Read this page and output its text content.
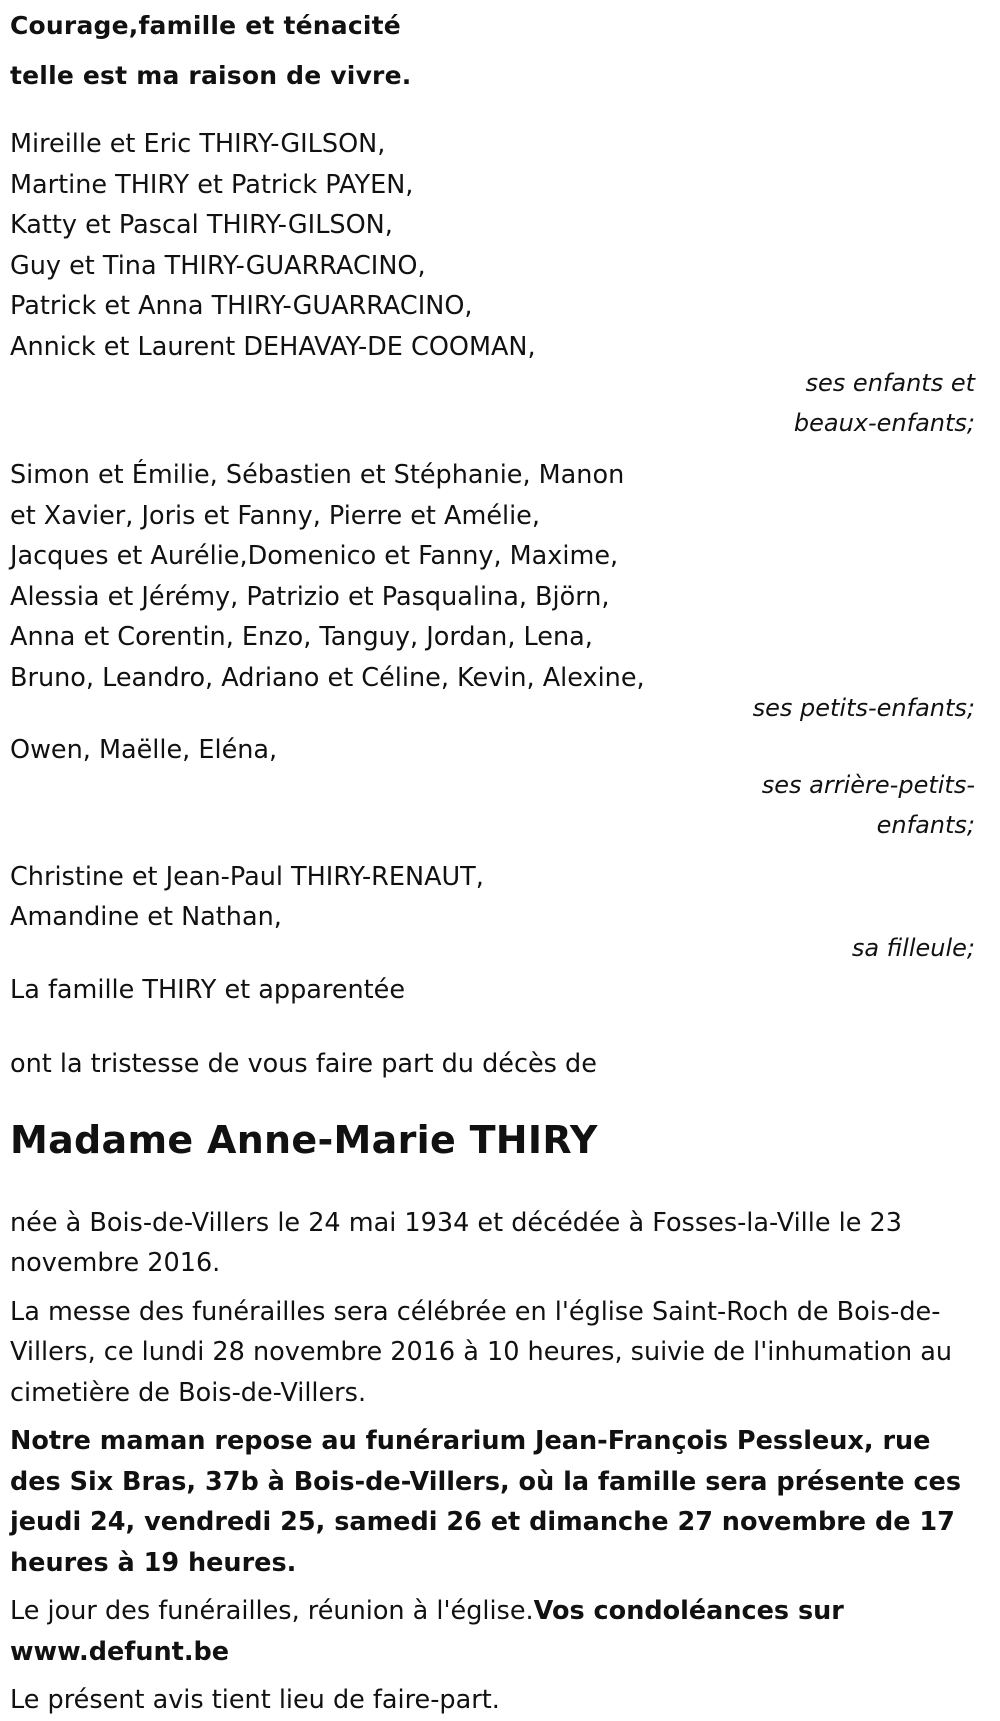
Courage,famille et ténacité

telle est ma raison de vivre.

Mireille et Eric THIRY-GILSON,
Martine THIRY et Patrick PAYEN,
Katty et Pascal THIRY-GILSON,
Guy et Tina THIRY-GUARRACINO,
Patrick et Anna THIRY-GUARRACINO,
Annick et Laurent DEHAVAY-DE COOMAN,
ses enfants et
beaux-enfants;
Simon et Émilie, Sébastien et Stéphanie, Manon
et Xavier, Joris et Fanny, Pierre et Amélie,
Jacques et Aurélie,Domenico et Fanny, Maxime,
Alessia et Jérémy, Patrizio et Pasqualina, Björn,
Anna et Corentin, Enzo, Tanguy, Jordan, Lena,
Bruno, Leandro, Adriano et Céline, Kevin, Alexine,
ses petits-enfants;
Owen, Maëlle, Eléna,
ses arrière-petits-
enfants;
Christine et Jean-Paul THIRY-RENAUT,
Amandine et Nathan,
sa filleule;
La famille THIRY et apparentée
ont la tristesse de vous faire part du décès de
Madame Anne-Marie THIRY

née à Bois-de-Villers le 24 mai 1934 et décédée à Fosses-la-Ville le 23 novembre 2016.

La messe des funérailles sera célébrée en l'église Saint-Roch de Bois-de-Villers, ce lundi 28 novembre 2016 à 10 heures, suivie de l'inhumation au cimetière de Bois-de-Villers.

Notre maman repose au funérarium Jean-François Pessleux, rue des Six Bras, 37b à Bois-de-Villers, où la famille sera présente ces jeudi 24, vendredi 25, samedi 26 et dimanche 27 novembre de 17 heures à 19 heures.

Le jour des funérailles, réunion à l'église.Vos condoléances sur www.defunt.be

Le présent avis tient lieu de faire-part.
